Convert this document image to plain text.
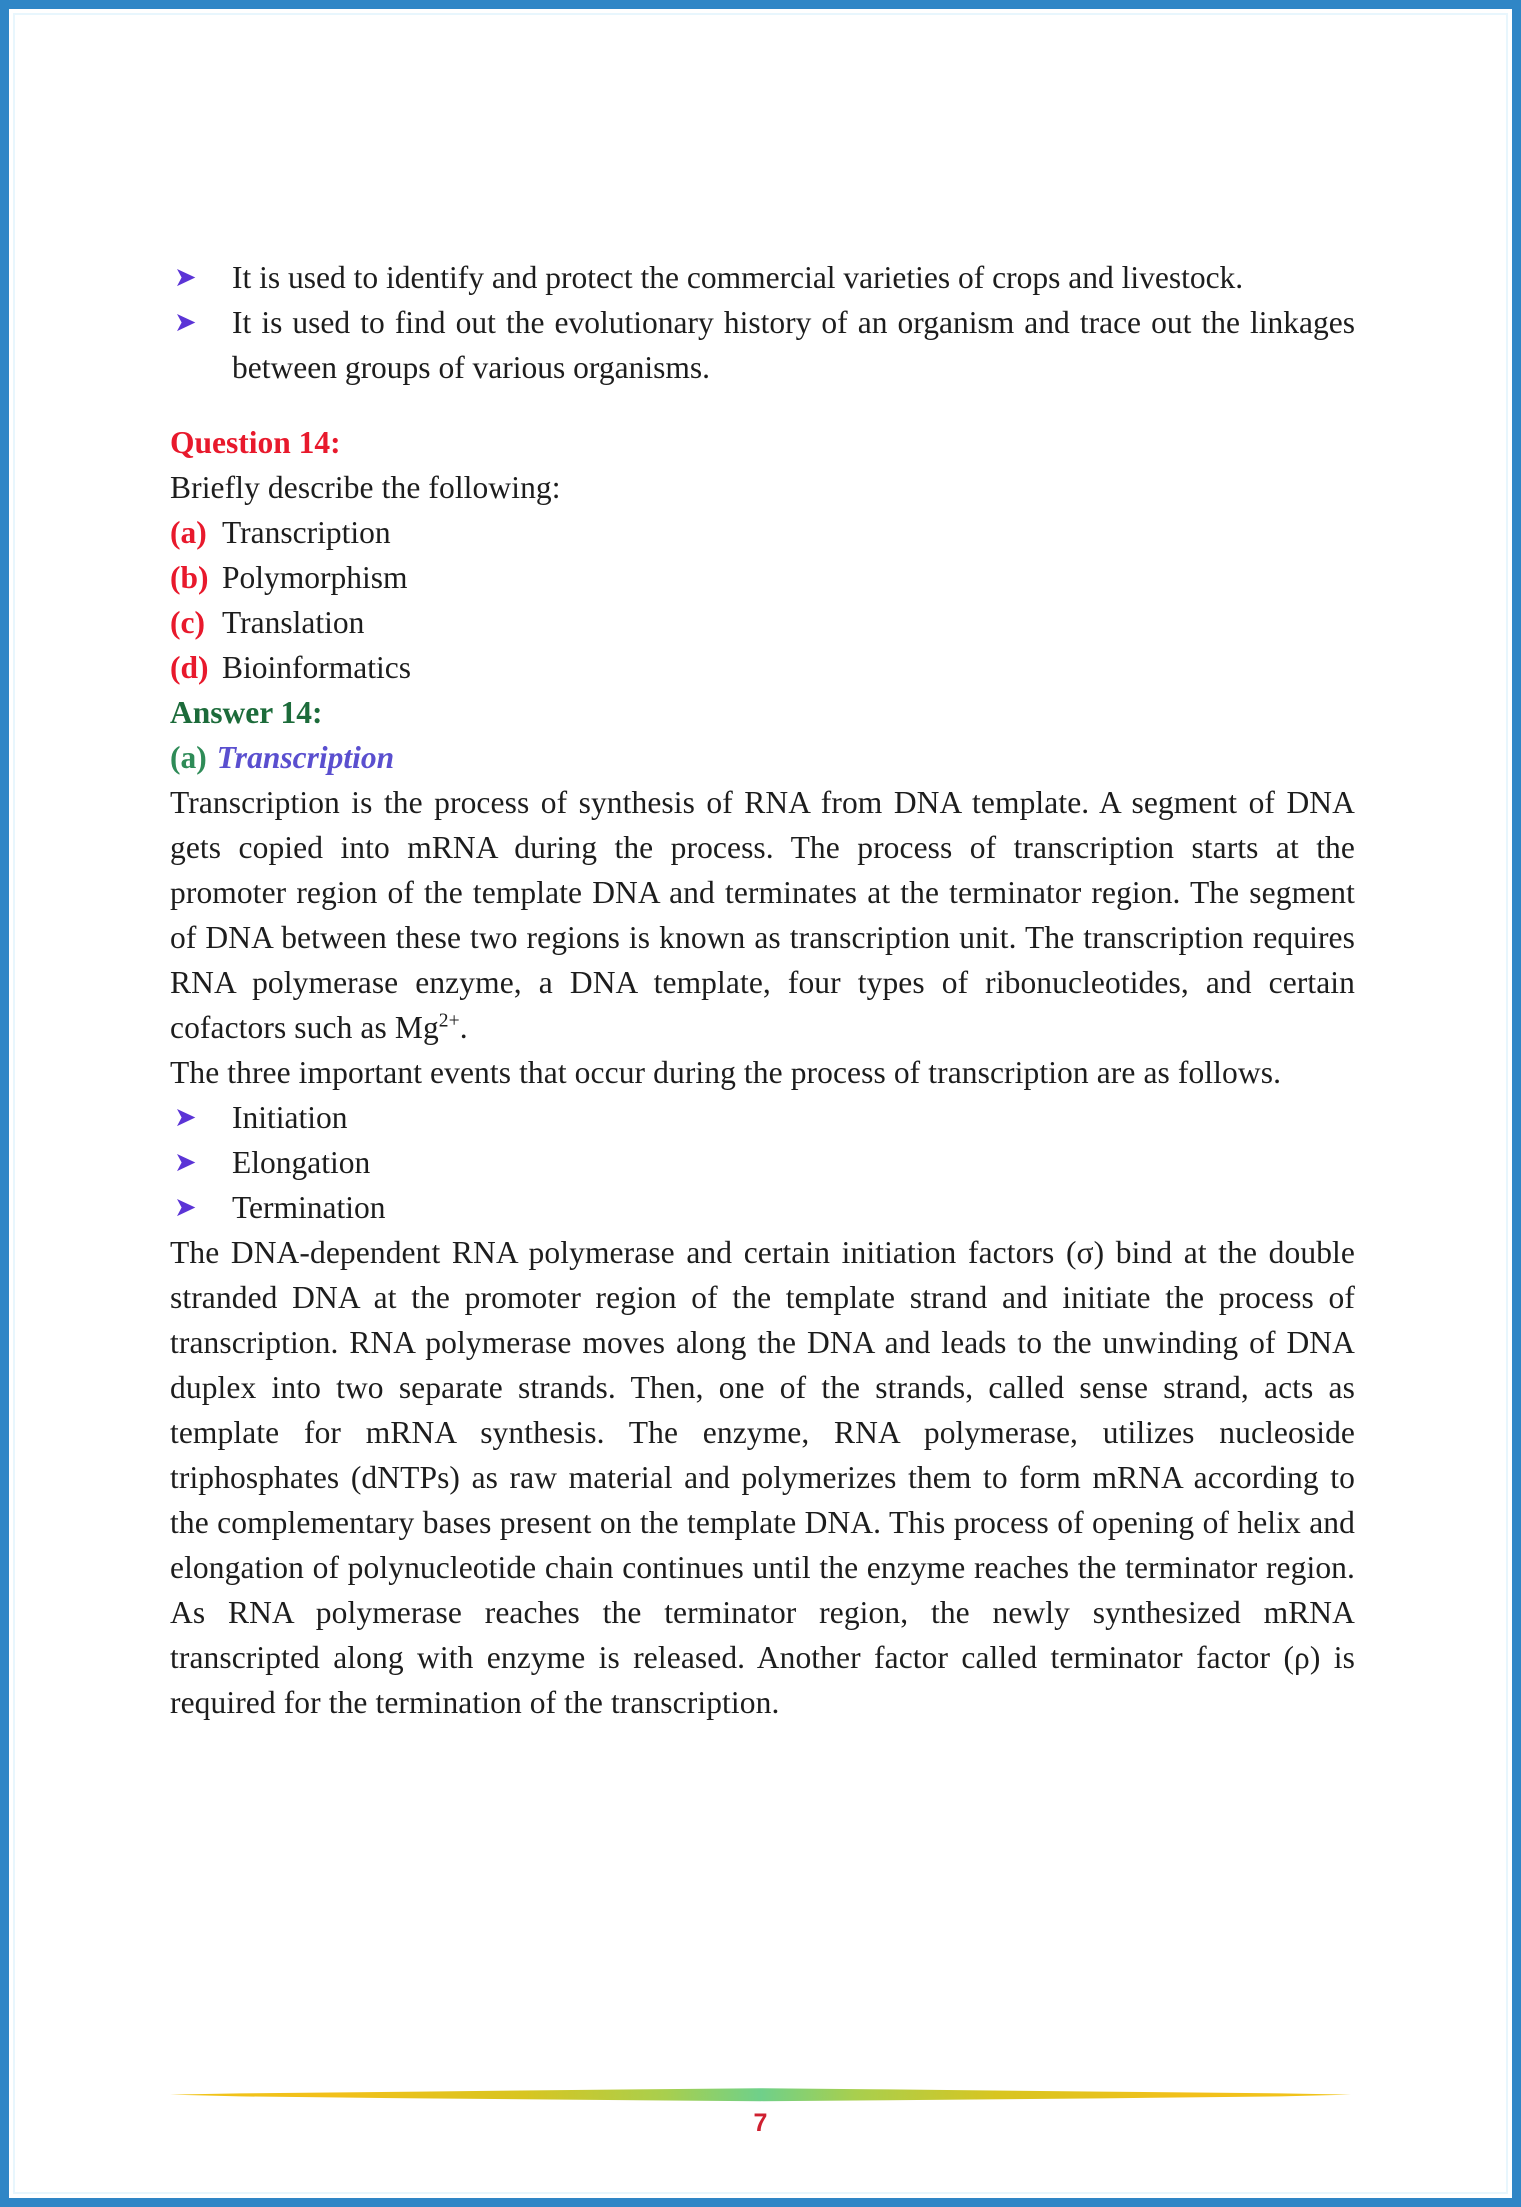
➤	It is used to identify and protect the commercial varieties of crops and livestock.
➤	It is used to find out the evolutionary history of an organism and trace out the linkages between groups of various organisms.
Question 14:
Briefly describe the following:
(a) Transcription
(b) Polymorphism
(c) Translation
(d) Bioinformatics
Answer 14:
(a) Transcription

Transcription is the process of synthesis of RNA from DNA template. A segment of DNA gets copied into mRNA during the process. The process of transcription starts at the promoter region of the template DNA and terminates at the terminator region. The segment of DNA between these two regions is known as transcription unit. The transcription requires RNA polymerase enzyme, a DNA template, four types of ribonucleotides, and certain cofactors such as $Mg^{2+}$.

The three important events that occur during the process of transcription are as follows.

➤	Initiation
➤	Elongation
➤	Termination

The DNA-dependent RNA polymerase and certain initiation factors (σ) bind at the double stranded DNA at the promoter region of the template strand and initiate the process of transcription. RNA polymerase moves along the DNA and leads to the unwinding of DNA duplex into two separate strands. Then, one of the strands, called sense strand, acts as template for mRNA synthesis. The enzyme, RNA polymerase, utilizes nucleoside triphosphates (dNTPs) as raw material and polymerizes them to form mRNA according to the complementary bases present on the template DNA. This process of opening of helix and elongation of polynucleotide chain continues until the enzyme reaches the terminator region. As RNA polymerase reaches the terminator region, the newly synthesized mRNA transcripted along with enzyme is released. Another factor called terminator factor (ρ) is required for the termination of the transcription.

7
